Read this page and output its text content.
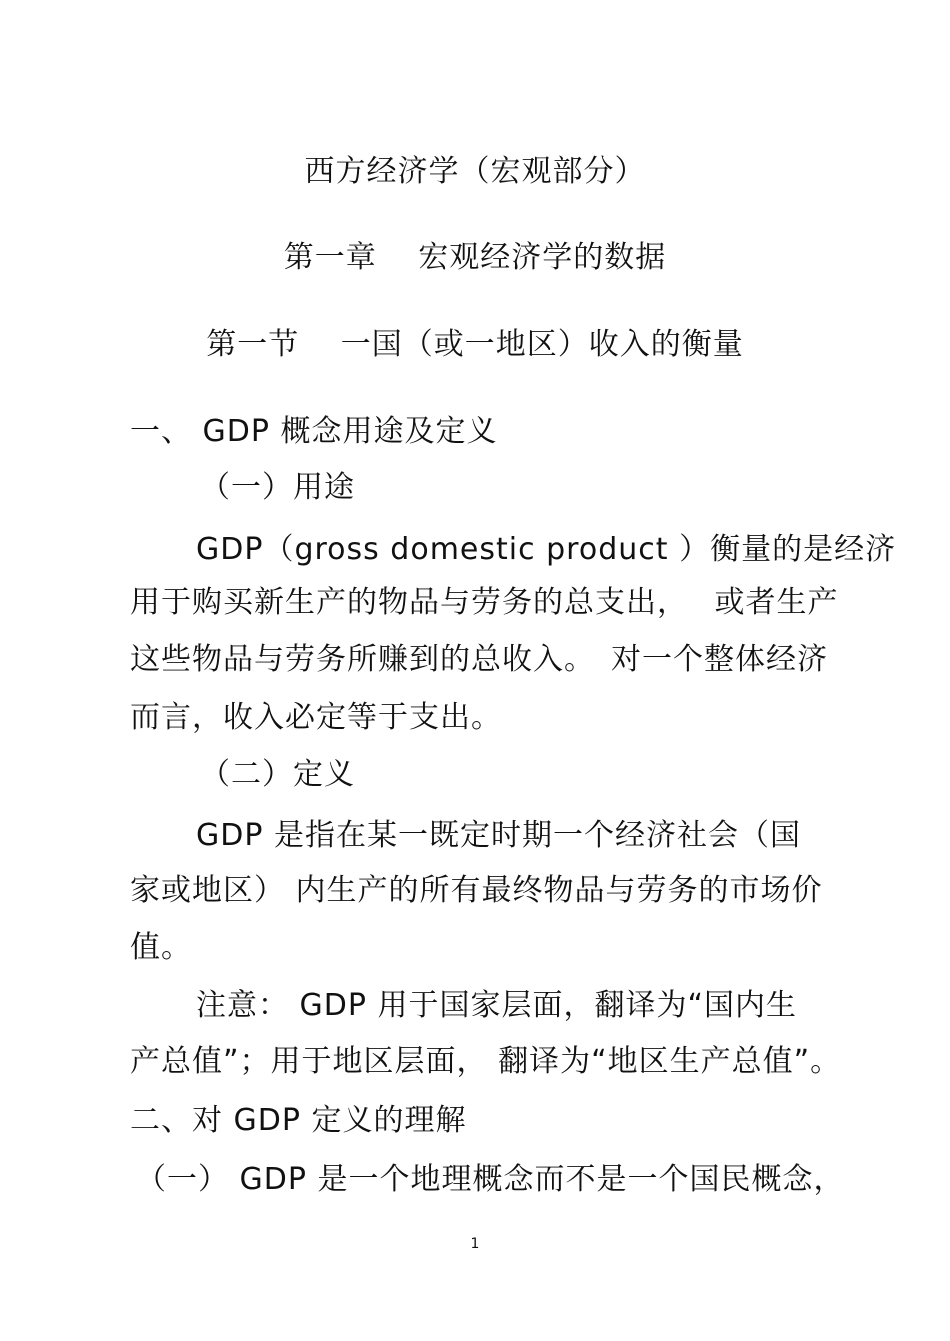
西方经济学（宏观部分）
第一章　 宏观经济学的数据
第一节　 一国（或一地区）收入的衡量
一、 GDP 概念用途及定义
（一）用途
GDP（gross domestic product ）衡量的是经济
用于购买新生产的物品与劳务的总支出，　 或者生产
这些物品与劳务所赚到的总收入。　对一个整体经济
而言，收入必定等于支出。
（二）定义
GDP 是指在某一既定时期一个经济社会（国
家或地区） 内生产的所有最终物品与劳务的市场价
值。
注意： GDP 用于国家层面，翻译为“国内生
产总值”；用于地区层面， 翻译为“地区生产总值”。
二、对 GDP 定义的理解
（一） GDP 是一个地理概念而不是一个国民概念，
1
